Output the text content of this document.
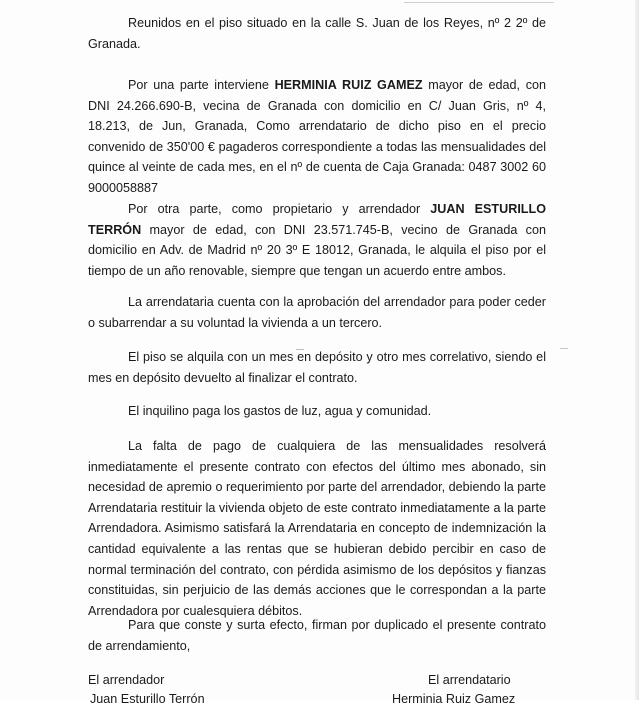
Reunidos en el piso situado en la calle S. Juan de los Reyes, nº 2 2º de Granada.

Por una parte interviene HERMINIA RUIZ GAMEZ mayor de edad, con DNI 24.266.690-B, vecina de Granada con domicilio en C/ Juan Gris, nº 4, 18.213, de Jun, Granada, Como arrendatario de dicho piso en el precio convenido de 350'00 € pagaderos correspondiente a todas las mensualidades del quince al veinte de cada mes, en el nº de cuenta de Caja Granada: 0487 3002 60 9000058887

Por otra parte, como propietario y arrendador JUAN ESTURILLO TERRÓN mayor de edad, con DNI 23.571.745-B, vecino de Granada con domicilio en Adv. de Madrid nº 20 3º E 18012, Granada, le alquila el piso por el tiempo de un año renovable, siempre que tengan un acuerdo entre ambos.

La arrendataria cuenta con la aprobación del arrendador para poder ceder o subarrendar a su voluntad la vivienda a un tercero.

El piso se alquila con un mes en depósito y otro mes correlativo, siendo el mes en depósito devuelto al finalizar el contrato.

El inquilino paga los gastos de luz, agua y comunidad.

La falta de pago de cualquiera de las mensualidades resolverá inmediatamente el presente contrato con efectos del último mes abonado, sin necesidad de apremio o requerimiento por parte del arrendador, debiendo la parte Arrendataria restituir la vivienda objeto de este contrato inmediatamente a la parte Arrendadora. Asimismo satisfará la Arrendataria en concepto de indemnización la cantidad equivalente a las rentas que se hubieran debido percibir en caso de normal terminación del contrato, con pérdida asimismo de los depósitos y fianzas constituidas, sin perjuicio de las demás acciones que le correspondan a la parte Arrendadora por cualesquiera débitos.

Para que conste y surta efecto, firman por duplicado el presente contrato de arrendamiento,

El arrendador

Juan Esturillo Terrón

El arrendatario

Herminia Ruiz Gamez
